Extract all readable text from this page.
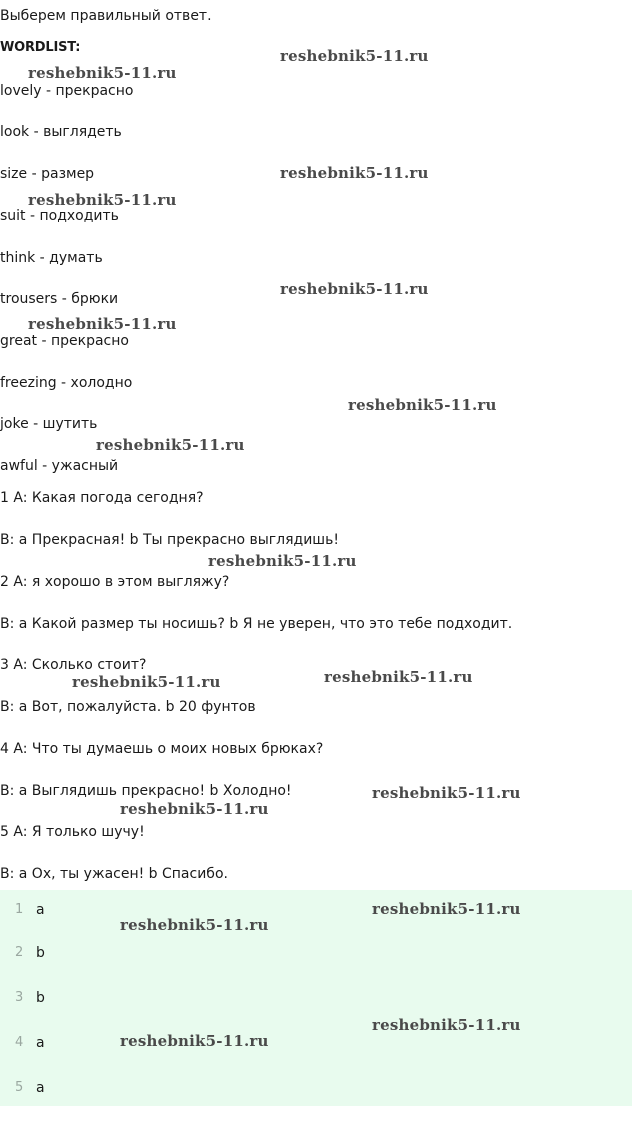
Выберем правильный ответ.
WORDLIST:
lovely - прекрасно
look - выглядеть
size - размер
suit - подходить
think - думать
trousers - брюки
great - прекрасно
freezing - холодно
joke - шутить
awful - ужасный
1 A: Какая погода сегодня?
B: a Прекрасная! b Ты прекрасно выглядишь!
2 A: я хорошо в этом выгляжу?
B: a Какой размер ты носишь? b Я не уверен, что это тебе подходит.
3 A: Сколько стоит?
B: a Вот, пожалуйста. b 20 фунтов
4 A: Что ты думаешь о моих новых брюках?
B: a Выглядишь прекрасно! b Холодно!
5 A: Я только шучу!
B: a Ох, ты ужасен! b Спасибо.
1 a
2 b
3 b
4 a
5 a
reshebnik5-11.ru
reshebnik5-11.ru
reshebnik5-11.ru
reshebnik5-11.ru
reshebnik5-11.ru
reshebnik5-11.ru
reshebnik5-11.ru
reshebnik5-11.ru
reshebnik5-11.ru
reshebnik5-11.ru
reshebnik5-11.ru
reshebnik5-11.ru
reshebnik5-11.ru
reshebnik5-11.ru
reshebnik5-11.ru
reshebnik5-11.ru
reshebnik5-11.ru
